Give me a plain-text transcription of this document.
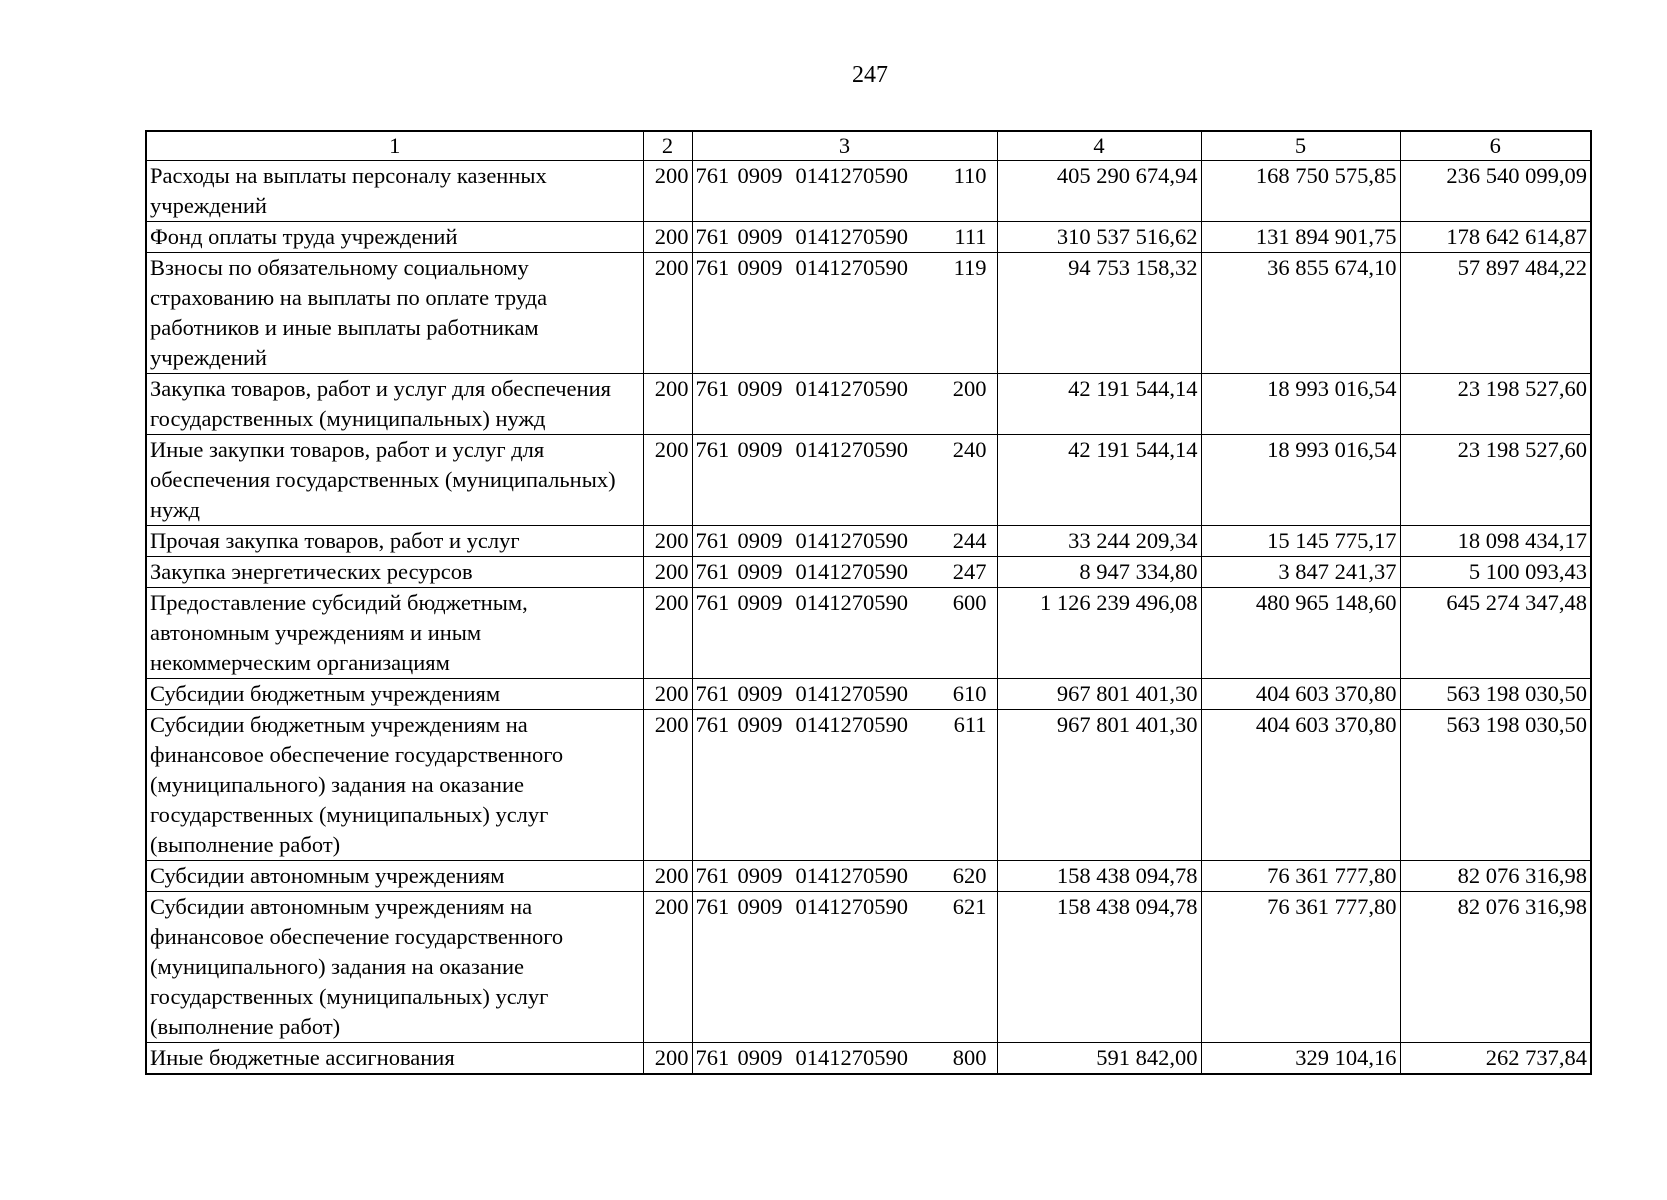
247
1	2	3	4	5	6
Расходы на выплаты персоналу казенных учреждений	200	761 0909 0141270590 110	405 290 674,94	168 750 575,85	236 540 099,09
Фонд оплаты труда учреждений	200	761 0909 0141270590 111	310 537 516,62	131 894 901,75	178 642 614,87
Взносы по обязательному социальному страхованию на выплаты по оплате труда работников и иные выплаты работникам учреждений	200	761 0909 0141270590 119	94 753 158,32	36 855 674,10	57 897 484,22
Закупка товаров, работ и услуг для обеспечения государственных (муниципальных) нужд	200	761 0909 0141270590 200	42 191 544,14	18 993 016,54	23 198 527,60
Иные закупки товаров, работ и услуг для обеспечения государственных (муниципальных) нужд	200	761 0909 0141270590 240	42 191 544,14	18 993 016,54	23 198 527,60
Прочая закупка товаров, работ и услуг	200	761 0909 0141270590 244	33 244 209,34	15 145 775,17	18 098 434,17
Закупка энергетических ресурсов	200	761 0909 0141270590 247	8 947 334,80	3 847 241,37	5 100 093,43
Предоставление субсидий бюджетным, автономным учреждениям и иным некоммерческим организациям	200	761 0909 0141270590 600	1 126 239 496,08	480 965 148,60	645 274 347,48
Субсидии бюджетным учреждениям	200	761 0909 0141270590 610	967 801 401,30	404 603 370,80	563 198 030,50
Субсидии бюджетным учреждениям на финансовое обеспечение государственного (муниципального) задания на оказание государственных (муниципальных) услуг (выполнение работ)	200	761 0909 0141270590 611	967 801 401,30	404 603 370,80	563 198 030,50
Субсидии автономным учреждениям	200	761 0909 0141270590 620	158 438 094,78	76 361 777,80	82 076 316,98
Субсидии автономным учреждениям на финансовое обеспечение государственного (муниципального) задания на оказание государственных (муниципальных) услуг (выполнение работ)	200	761 0909 0141270590 621	158 438 094,78	76 361 777,80	82 076 316,98
Иные бюджетные ассигнования	200	761 0909 0141270590 800	591 842,00	329 104,16	262 737,84
